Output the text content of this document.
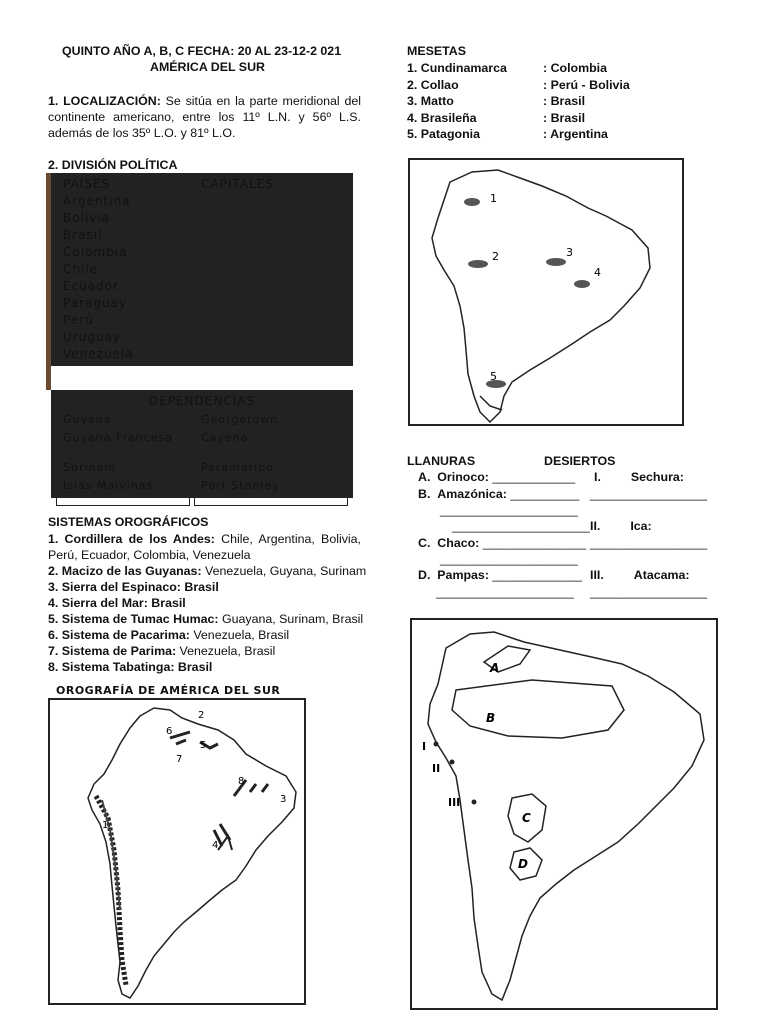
QUINTO AÑO A, B, C FECHA: 20 AL 23-12-2 021
AMÉRICA DEL SUR
1. LOCALIZACIÓN: Se sitúa en la parte meridional del continente americano, entre los 11º L.N. y 56º L.S. además de los 35º L.O. y 81º L.O.
2. DIVISIÓN POLÍTICA
PAÍSES	CAPITALES
Argentina
Bolivia
Brasil
Colombia
Chile
Ecuador
Paraguay
Perú
Uruguay
Venezuela
DEPENDENCIAS
Guyana	Georgetown
Guyana Francesa	Cayena
Surinam	Paramaribo
Islas Malvinas	Port Stanley
SISTEMAS OROGRÁFICOS
1. Cordillera de los Andes: Chile, Argentina, Bolivia, Perú, Ecuador, Colombia, Venezuela
2. Macizo de las Guyanas: Venezuela, Guyana, Surinam
3. Sierra del Espinaco: Brasil
4. Sierra del Mar: Brasil
5. Sistema de Tumac Humac: Guayana, Surinam, Brasil
6. Sistema de Pacarima: Venezuela, Brasil
7. Sistema de Parima: Venezuela, Brasil
8. Sistema Tabatinga: Brasil
OROGRAFÍA DE AMÉRICA DEL SUR
2
6
5
7
8
3
1
4
MESETAS
1. Cundinamarca	: Colombia
2. Collao	: Perú - Bolivia
3. Matto	: Brasil
4. Brasileña	: Brasil
5. Patagonia	: Argentina
1
2	3
4
5
LLANURAS	DESIERTOS
A. Orinoco: ____________ I. Sechura:
B. Amazónica: __________ _________________
____________________
____________________ II. Ica:
C. Chaco: _______________ _________________
____________________
D. Pampas: _____________ III. Atacama:
____________________ _________________
A
B
C
D
I
II
III
